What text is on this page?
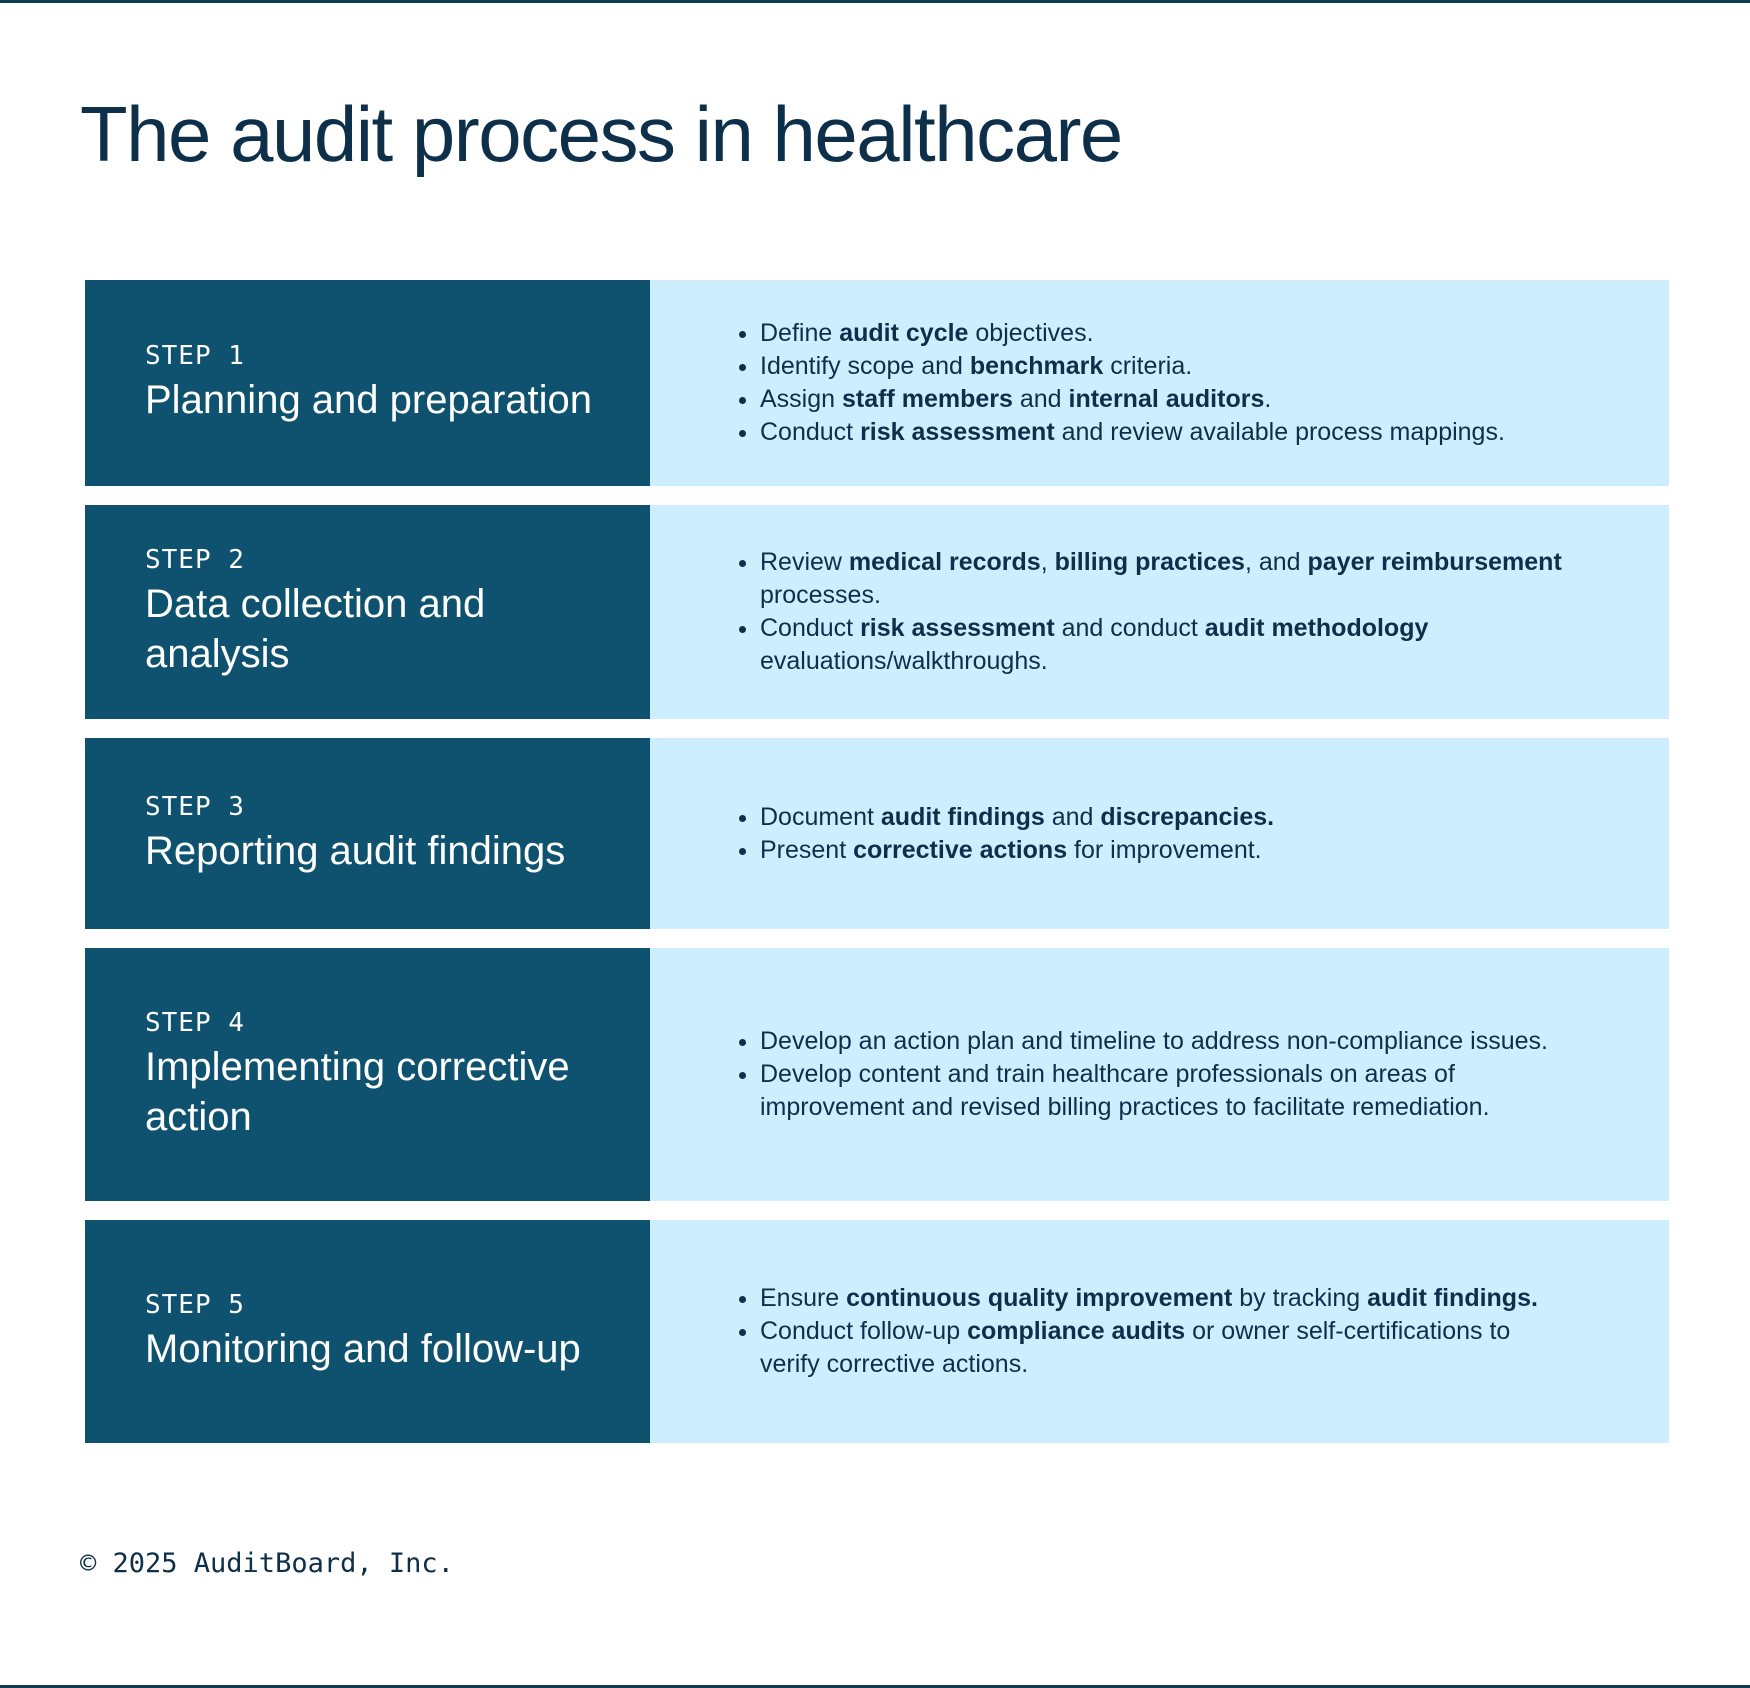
The audit process in healthcare
STEP 1
Planning and preparation
• Define audit cycle objectives.
• Identify scope and benchmark criteria.
• Assign staff members and internal auditors.
• Conduct risk assessment and review available process mappings.
STEP 2
Data collection and analysis
• Review medical records, billing practices, and payer reimbursement processes.
• Conduct risk assessment and conduct audit methodology evaluations/walkthroughs.
STEP 3
Reporting audit findings
• Document audit findings and discrepancies.
• Present corrective actions for improvement.
STEP 4
Implementing corrective action
• Develop an action plan and timeline to address non-compliance issues.
• Develop content and train healthcare professionals on areas of improvement and revised billing practices to facilitate remediation.
STEP 5
Monitoring and follow-up
• Ensure continuous quality improvement by tracking audit findings.
• Conduct follow-up compliance audits or owner self-certifications to verify corrective actions.
© 2025 AuditBoard, Inc.
